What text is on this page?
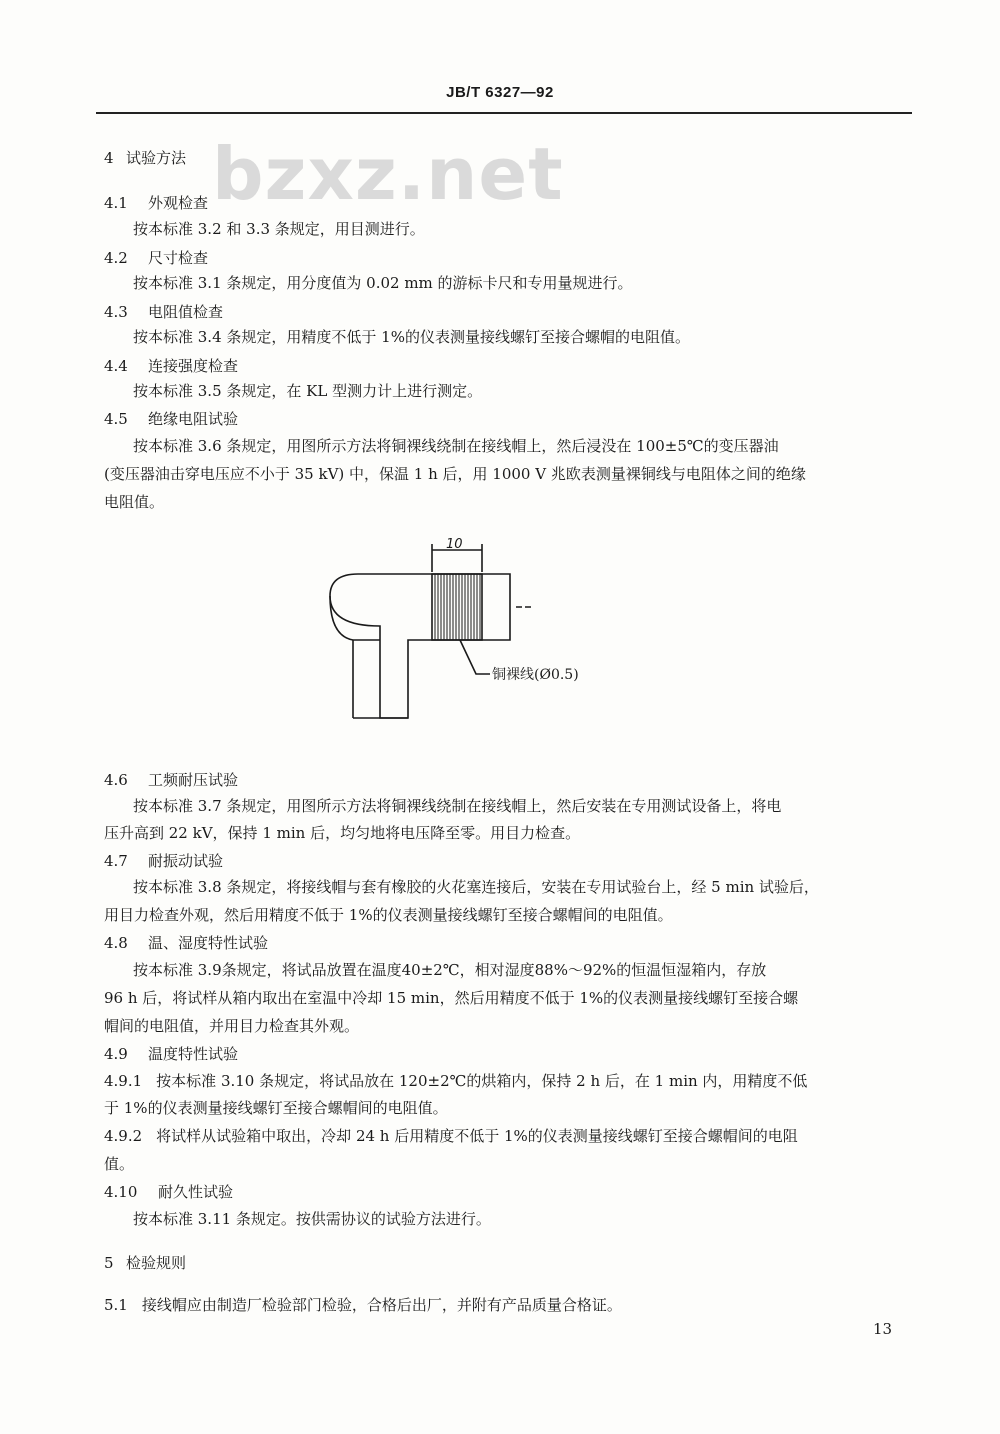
JB/T 6327—92
bzxz.net
4 试验方法
4.1 外观检查
按本标准 3.2 和 3.3 条规定，用目测进行。
4.2 尺寸检查
按本标准 3.1 条规定，用分度值为 0.02 mm 的游标卡尺和专用量规进行。
4.3 电阻值检查
按本标准 3.4 条规定，用精度不低于 1%的仪表测量接线螺钉至接合螺帽的电阻值。
4.4 连接强度检查
按本标准 3.5 条规定，在 KL 型测力计上进行测定。
4.5 绝缘电阻试验
按本标准 3.6 条规定，用图所示方法将铜裸线绕制在接线帽上，然后浸没在 100±5℃的变压器油
(变压器油击穿电压应不小于 35 kV) 中，保温 1 h 后，用 1000 V 兆欧表测量裸铜线与电阻体之间的绝缘
电阻值。
10
铜裸线(Ø0.5)
4.6 工频耐压试验
按本标准 3.7 条规定，用图所示方法将铜裸线绕制在接线帽上，然后安装在专用测试设备上，将电
压升高到 22 kV，保持 1 min 后，均匀地将电压降至零。用目力检查。
4.7 耐振动试验
按本标准 3.8 条规定，将接线帽与套有橡胶的火花塞连接后，安装在专用试验台上，经 5 min 试验后，
用目力检查外观，然后用精度不低于 1%的仪表测量接线螺钉至接合螺帽间的电阻值。
4.8 温、湿度特性试验
按本标准 3.9条规定，将试品放置在温度40±2℃，相对湿度88%～92%的恒温恒湿箱内，存放
96 h 后，将试样从箱内取出在室温中冷却 15 min，然后用精度不低于 1%的仪表测量接线螺钉至接合螺
帽间的电阻值，并用目力检查其外观。
4.9 温度特性试验
4.9.1 按本标准 3.10 条规定，将试品放在 120±2℃的烘箱内，保持 2 h 后，在 1 min 内，用精度不低
于 1%的仪表测量接线螺钉至接合螺帽间的电阻值。
4.9.2 将试样从试验箱中取出，冷却 24 h 后用精度不低于 1%的仪表测量接线螺钉至接合螺帽间的电阻
值。
4.10 耐久性试验
按本标准 3.11 条规定。按供需协议的试验方法进行。
5 检验规则
5.1 接线帽应由制造厂检验部门检验，合格后出厂，并附有产品质量合格证。
13
